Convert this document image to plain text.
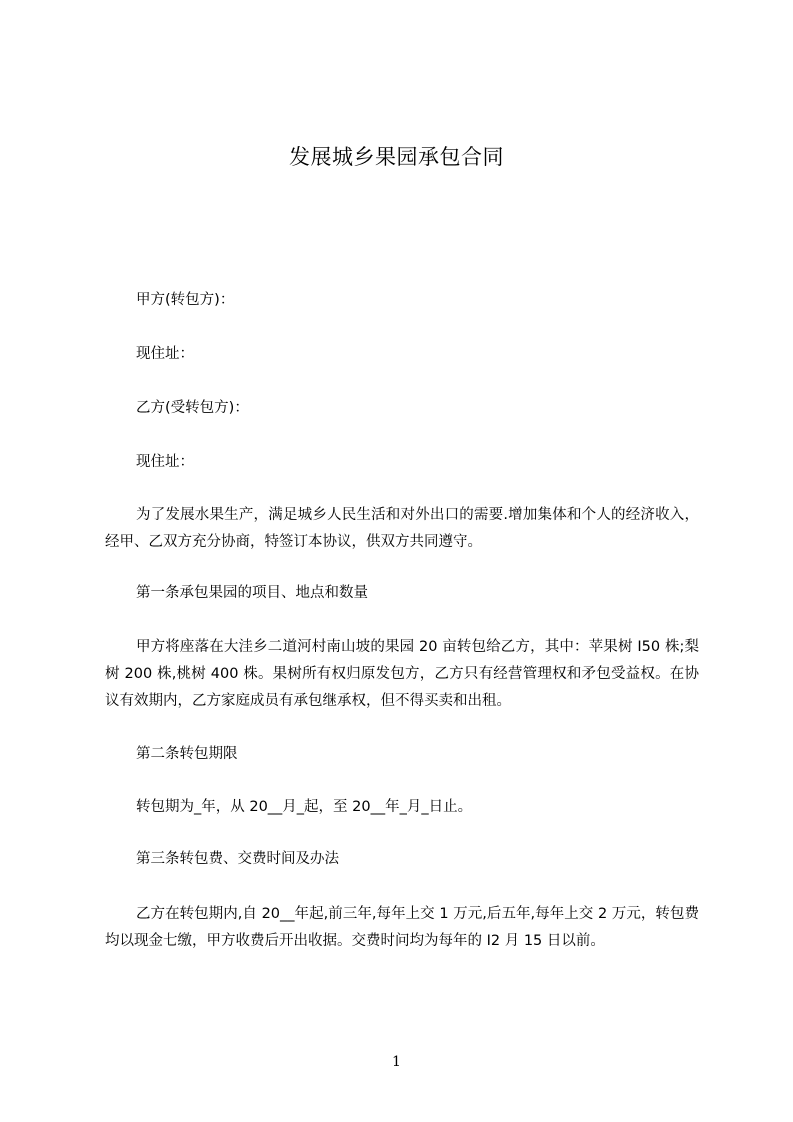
发展城乡果园承包合同
甲方(转包方)：
现住址：
乙方(受转包方)：
现住址：
为了发展水果生产，满足城乡人民生活和对外出口的需要.增加集体和个人的经济收入，经甲、乙双方充分协商，特签订本协议，供双方共同遵守。
第一条承包果园的项目、地点和数量
甲方将座落在大洼乡二道河村南山坡的果园 20 亩转包给乙方，其中：苹果树 I50 株;梨树 200 株,桃树 400 株。果树所有权归原发包方，乙方只有经营管理权和矛包受益权。在协议有效期内，乙方家庭成员有承包继承权，但不得买卖和出租。
第二条转包期限
转包期为_年，从 20__月_起，至 20__年_月_日止。
第三条转包费、交费时间及办法
乙方在转包期内,自 20__年起,前三年,每年上交 1 万元,后五年,每年上交 2 万元，转包费均以现金七缴，甲方收费后开出收据。交费时问均为每年的 I2 月 15 日以前。
1
